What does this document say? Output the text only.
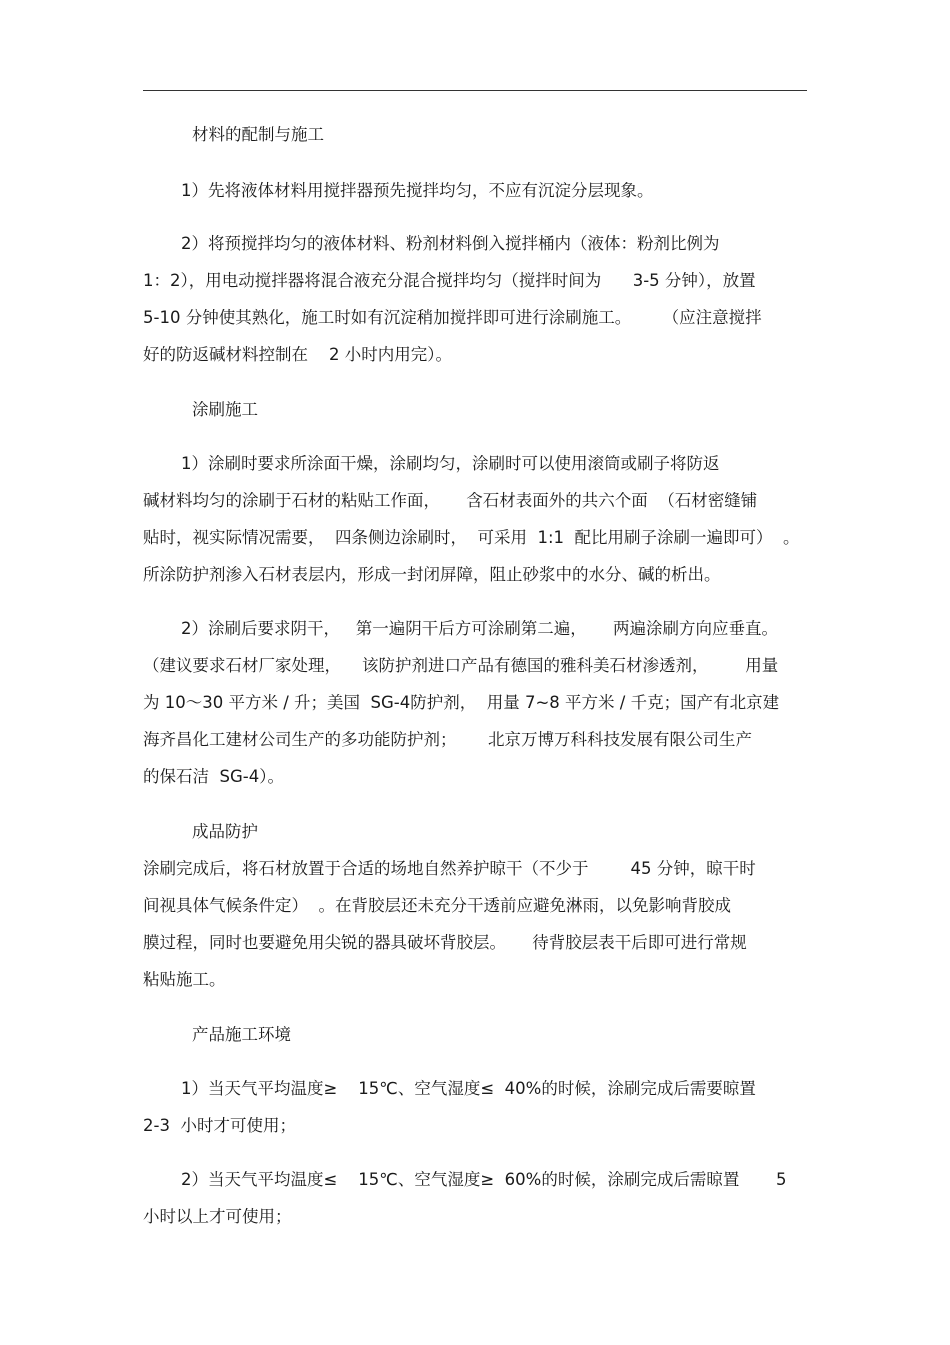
材料的配制与施工

1）先将液体材料用搅拌器预先搅拌均匀，不应有沉淀分层现象。

2）将预搅拌均匀的液体材料、粉剂材料倒入搅拌桶内（液体：粉剂比例为

1：2），用电动搅拌器将混合液充分混合搅拌均匀（搅拌时间为      3-5 分钟），放置

5-10 分钟使其熟化，施工时如有沉淀稍加搅拌即可进行涂刷施工。      （应注意搅拌

好的防返碱材料控制在    2 小时内用完）。

涂刷施工

1）涂刷时要求所涂面干燥，涂刷均匀，涂刷时可以使用滚筒或刷子将防返

碱材料均匀的涂刷于石材的粘贴工作面，     含石材表面外的共六个面  （石材密缝铺

贴时，视实际情况需要，  四条侧边涂刷时，  可采用  1:1  配比用刷子涂刷一遍即可）  。

所涂防护剂渗入石材表层内，形成一封闭屏障，阻止砂浆中的水分、碱的析出。

2）涂刷后要求阴干，   第一遍阴干后方可涂刷第二遍，     两遍涂刷方向应垂直。

（建议要求石材厂家处理，    该防护剂进口产品有德国的雅科美石材渗透剂，       用量

为 10～30 平方米 / 升；美国  SG-4防护剂，  用量 7~8 平方米 / 千克；国产有北京建

海齐昌化工建材公司生产的多功能防护剂；      北京万博万科科技发展有限公司生产

的保石洁  SG-4）。

成品防护

涂刷完成后，将石材放置于合适的场地自然养护晾干（不少于        45 分钟，晾干时

间视具体气候条件定）  。在背胶层还未充分干透前应避免淋雨，以免影响背胶成

膜过程，同时也要避免用尖锐的器具破坏背胶层。     待背胶层表干后即可进行常规

粘贴施工。

产品施工环境

1）当天气平均温度≥    15℃、空气湿度≤  40%的时候，涂刷完成后需要晾置

2-3  小时才可使用；

2）当天气平均温度≤    15℃、空气湿度≥  60%的时候，涂刷完成后需晾置       5

小时以上才可使用；
